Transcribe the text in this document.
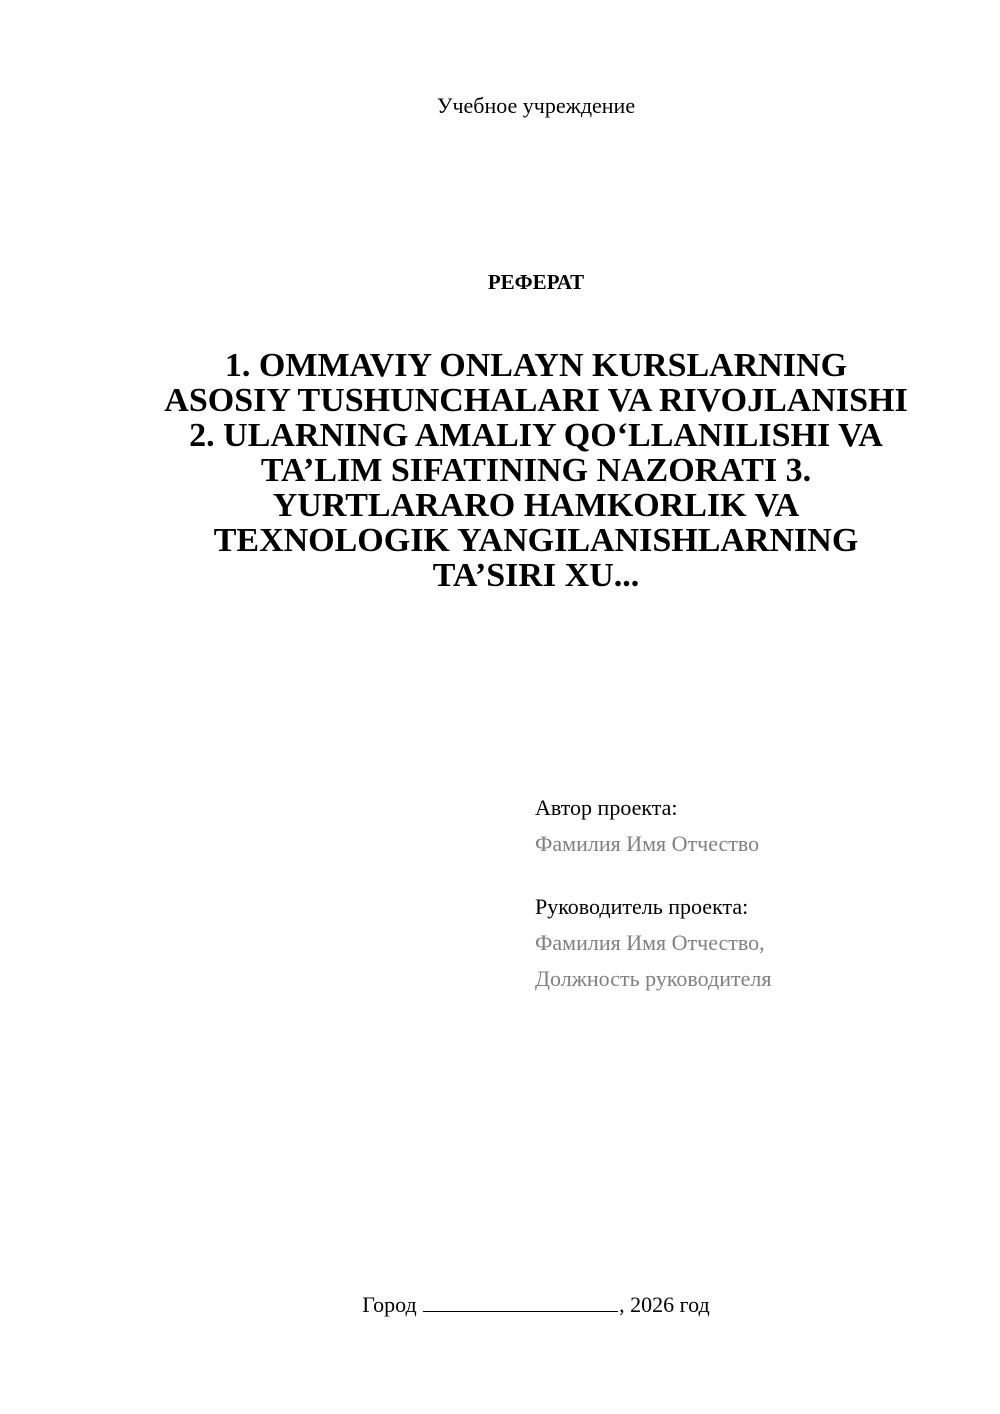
Учебное учреждение
РЕФЕРАТ
1. OMMAVIY ONLAYN KURSLARNING ASOSIY TUSHUNCHALARI VA RIVOJLANISHI 2. ULARNING AMALIY QO‘LLANILISHI VA TA’LIM SIFATINING NAZORATI 3. YURTLARARO HAMKORLIK VA TEXNOLOGIK YANGILANISHLARNING TA’SIRI XU...
Автор проекта:
Фамилия Имя Отчество
Руководитель проекта:
Фамилия Имя Отчество,
Должность руководителя
Город	, 2026 год
